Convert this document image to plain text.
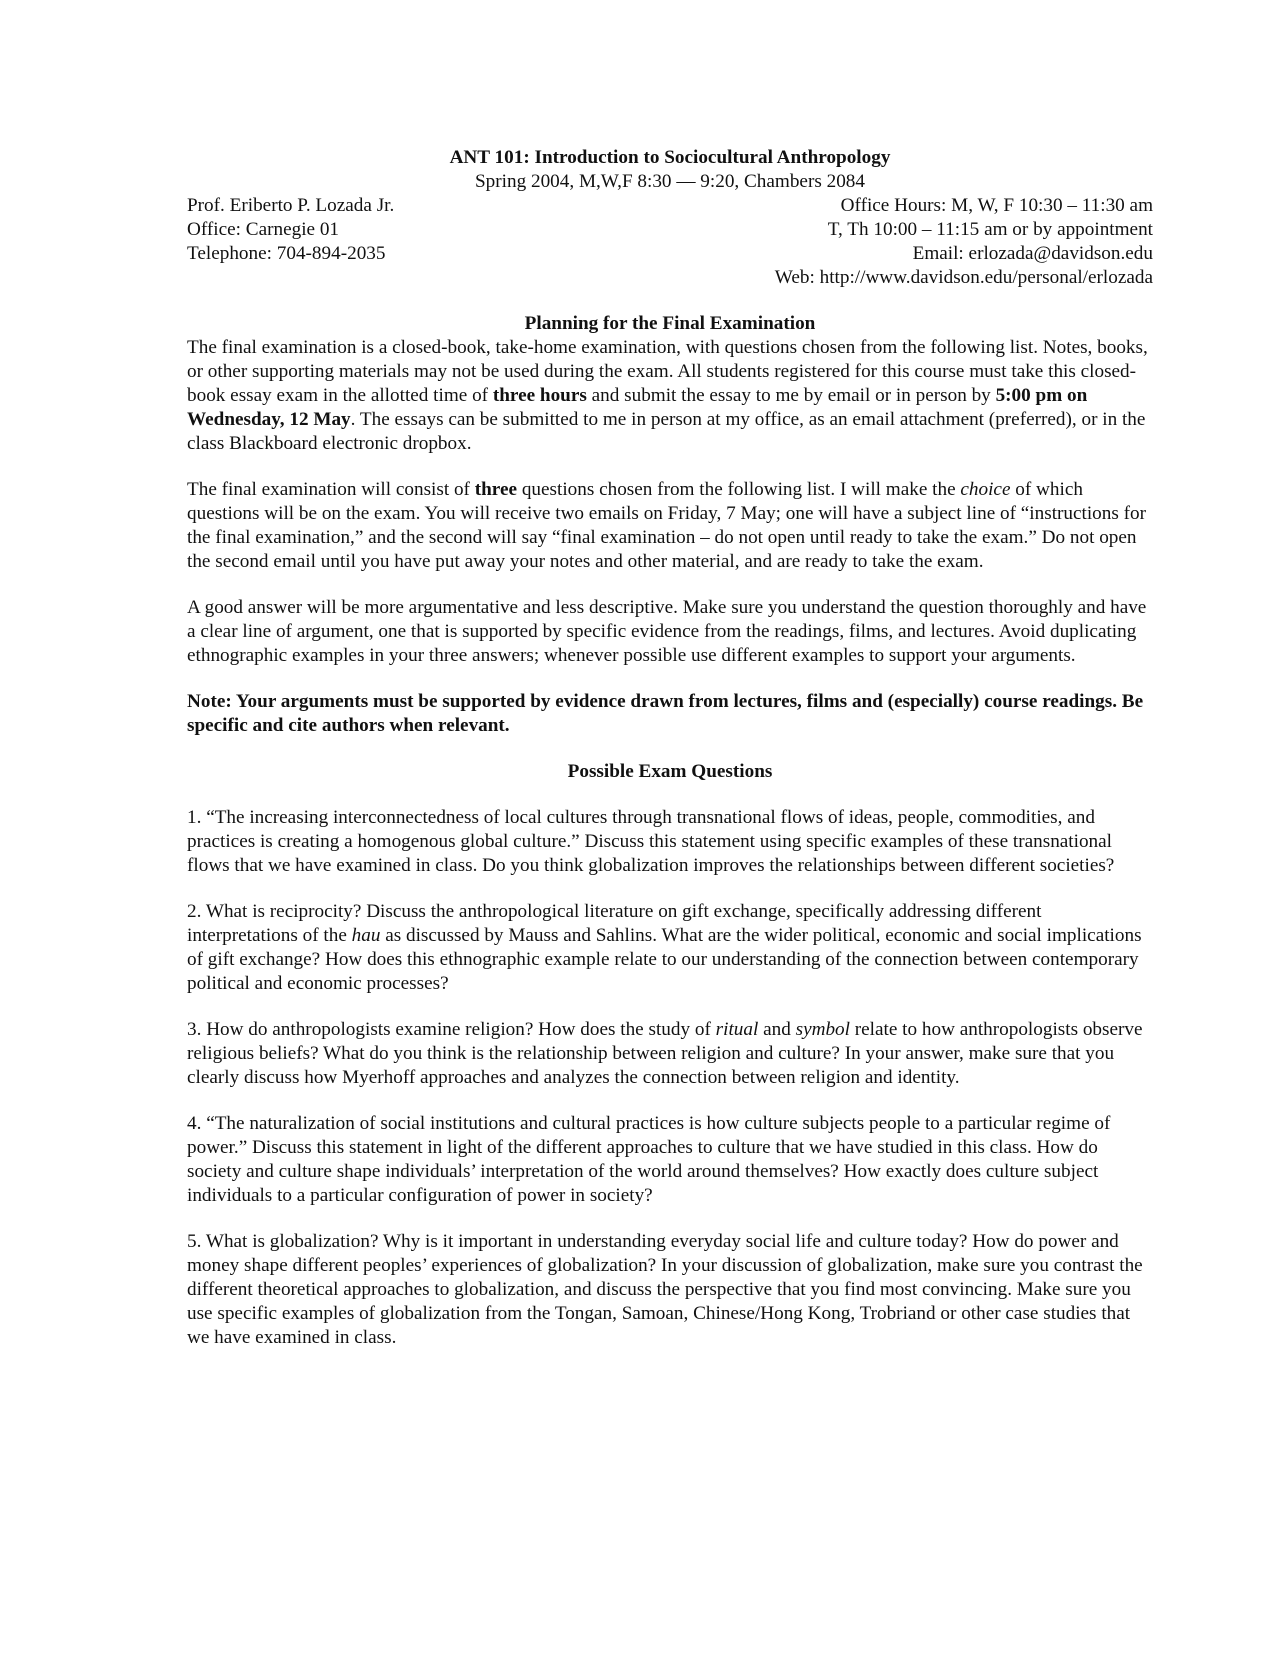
ANT 101: Introduction to Sociocultural Anthropology
Spring 2004, M,W,F 8:30 — 9:20, Chambers 2084
Prof. Eriberto P. Lozada Jr.	Office Hours: M, W, F 10:30 – 11:30 am
Office: Carnegie 01	T, Th 10:00 – 11:15 am or by appointment
Telephone: 704-894-2035	Email: erlozada@davidson.edu
Web: http://www.davidson.edu/personal/erlozada
Planning for the Final Examination

The final examination is a closed-book, take-home examination, with questions chosen from the following list. Notes, books, or other supporting materials may not be used during the exam. All students registered for this course must take this closed-book essay exam in the allotted time of three hours and submit the essay to me by email or in person by 5:00 pm on Wednesday, 12 May. The essays can be submitted to me in person at my office, as an email attachment (preferred), or in the class Blackboard electronic dropbox.

The final examination will consist of three questions chosen from the following list. I will make the choice of which questions will be on the exam. You will receive two emails on Friday, 7 May; one will have a subject line of “instructions for the final examination,” and the second will say “final examination – do not open until ready to take the exam.” Do not open the second email until you have put away your notes and other material, and are ready to take the exam.

A good answer will be more argumentative and less descriptive. Make sure you understand the question thoroughly and have a clear line of argument, one that is supported by specific evidence from the readings, films, and lectures. Avoid duplicating ethnographic examples in your three answers; whenever possible use different examples to support your arguments.

Note: Your arguments must be supported by evidence drawn from lectures, films and (especially) course readings. Be specific and cite authors when relevant.

Possible Exam Questions

1. “The increasing interconnectedness of local cultures through transnational flows of ideas, people, commodities, and practices is creating a homogenous global culture.” Discuss this statement using specific examples of these transnational flows that we have examined in class. Do you think globalization improves the relationships between different societies?

2. What is reciprocity? Discuss the anthropological literature on gift exchange, specifically addressing different interpretations of the hau as discussed by Mauss and Sahlins. What are the wider political, economic and social implications of gift exchange? How does this ethnographic example relate to our understanding of the connection between contemporary political and economic processes?

3. How do anthropologists examine religion? How does the study of ritual and symbol relate to how anthropologists observe religious beliefs? What do you think is the relationship between religion and culture? In your answer, make sure that you clearly discuss how Myerhoff approaches and analyzes the connection between religion and identity.

4. “The naturalization of social institutions and cultural practices is how culture subjects people to a particular regime of power.” Discuss this statement in light of the different approaches to culture that we have studied in this class. How do society and culture shape individuals’ interpretation of the world around themselves? How exactly does culture subject individuals to a particular configuration of power in society?

5. What is globalization? Why is it important in understanding everyday social life and culture today? How do power and money shape different peoples’ experiences of globalization? In your discussion of globalization, make sure you contrast the different theoretical approaches to globalization, and discuss the perspective that you find most convincing. Make sure you use specific examples of globalization from the Tongan, Samoan, Chinese/Hong Kong, Trobriand or other case studies that we have examined in class.
